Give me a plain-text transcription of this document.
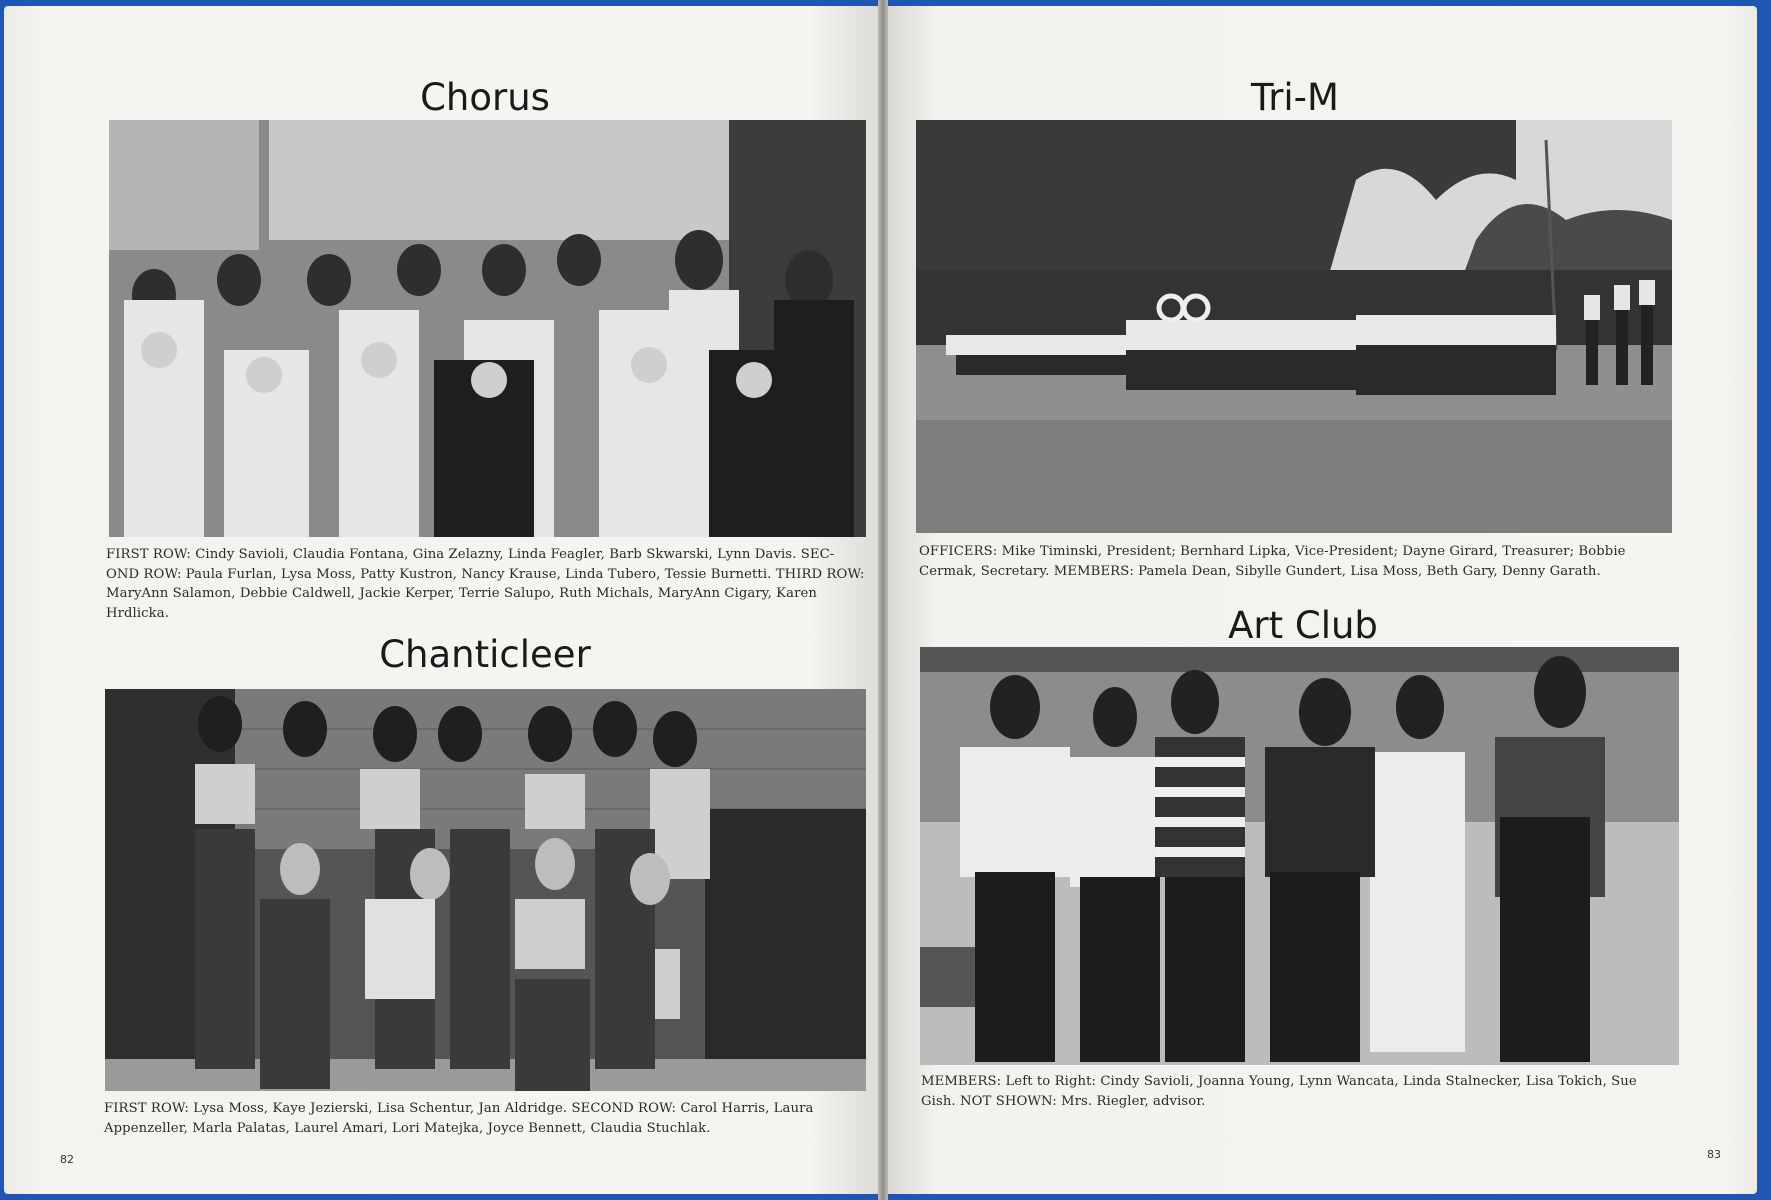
Chorus

FIRST ROW: Cindy Savioli, Claudia Fontana, Gina Zelazny, Linda Feagler, Barb Skwarski, Lynn Davis. SEC-OND ROW: Paula Furlan, Lysa Moss, Patty Kustron, Nancy Krause, Linda Tubero, Tessie Burnetti. THIRD ROW: MaryAnn Salamon, Debbie Caldwell, Jackie Kerper, Terrie Salupo, Ruth Michals, MaryAnn Cigary, Karen Hrdlicka.

Chanticleer

FIRST ROW: Lysa Moss, Kaye Jezierski, Lisa Schentur, Jan Aldridge. SECOND ROW: Carol Harris, Laura Appenzeller, Marla Palatas, Laurel Amari, Lori Matejka, Joyce Bennett, Claudia Stuchlak.

82
Tri-M

OFFICERS: Mike Timinski, President; Bernhard Lipka, Vice-President; Dayne Girard, Treasurer; Bobbie Cermak, Secretary. MEMBERS: Pamela Dean, Sibylle Gundert, Lisa Moss, Beth Gary, Denny Garath.

Art Club

MEMBERS: Left to Right: Cindy Savioli, Joanna Young, Lynn Wancata, Linda Stalnecker, Lisa Tokich, Sue Gish. NOT SHOWN: Mrs. Riegler, advisor.

83
